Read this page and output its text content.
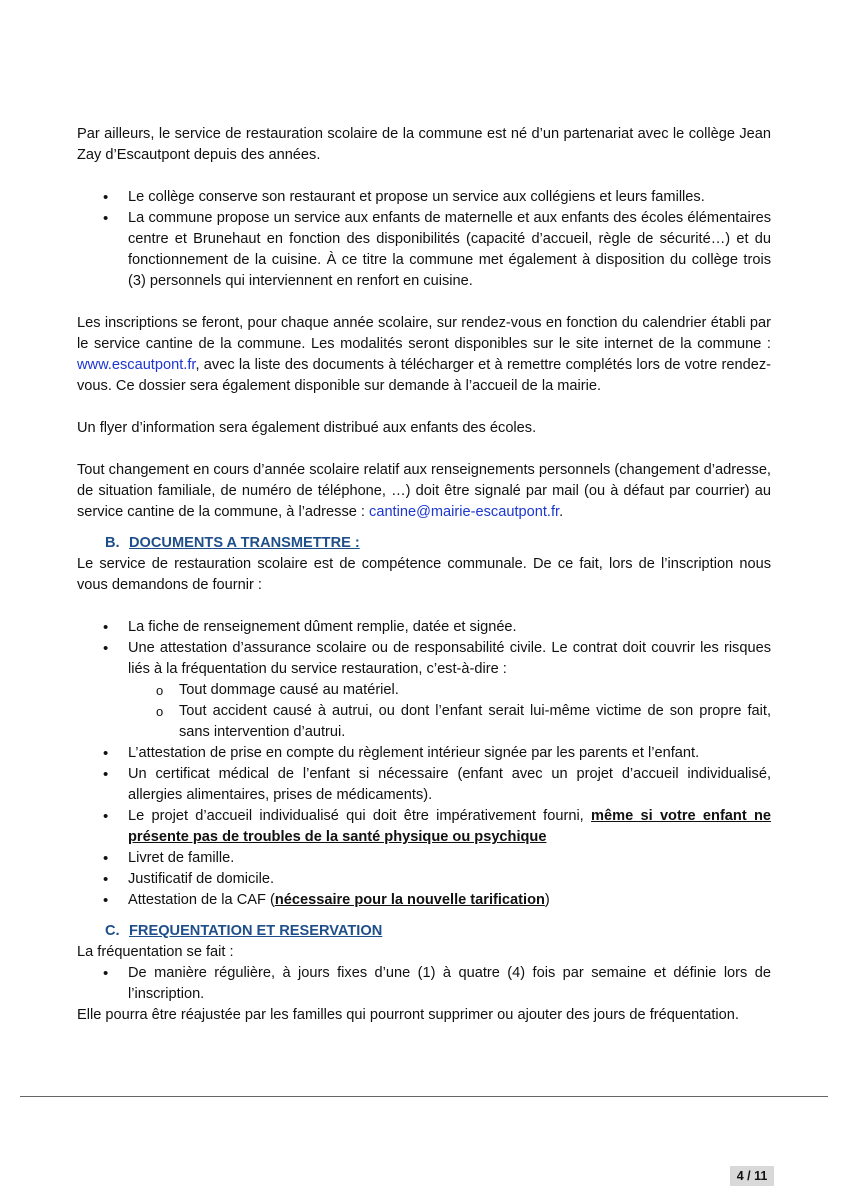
Par ailleurs, le service de restauration scolaire de la commune est né d’un partenariat avec le collège Jean Zay d’Escautpont depuis des années.

• Le collège conserve son restaurant et propose un service aux collégiens et leurs familles.
• La commune propose un service aux enfants de maternelle et aux enfants des écoles élémentaires centre et Brunehaut en fonction des disponibilités (capacité d’accueil, règle de sécurité…) et du fonctionnement de la cuisine. À ce titre la commune met également à disposition du collège trois (3) personnels qui interviennent en renfort en cuisine.

Les inscriptions se feront, pour chaque année scolaire, sur rendez-vous en fonction du calendrier établi par le service cantine de la commune. Les modalités seront disponibles sur le site internet de la commune : www.escautpont.fr, avec la liste des documents à télécharger et à remettre complétés lors de votre rendez-vous. Ce dossier sera également disponible sur demande à l’accueil de la mairie.

Un flyer d’information sera également distribué aux enfants des écoles.

Tout changement en cours d’année scolaire relatif aux renseignements personnels (changement d’adresse, de situation familiale, de numéro de téléphone, …) doit être signalé par mail (ou à défaut par courrier) au service cantine de la commune, à l’adresse : cantine@mairie-escautpont.fr.

B. DOCUMENTS A TRANSMETTRE :

Le service de restauration scolaire est de compétence communale. De ce fait, lors de l’inscription nous vous demandons de fournir :

• La fiche de renseignement dûment remplie, datée et signée.
• Une attestation d’assurance scolaire ou de responsabilité civile. Le contrat doit couvrir les risques liés à la fréquentation du service restauration, c’est-à-dire :
o Tout dommage causé au matériel.
o Tout accident causé à autrui, ou dont l’enfant serait lui-même victime de son propre fait, sans intervention d’autrui.
• L’attestation de prise en compte du règlement intérieur signée par les parents et l’enfant.
• Un certificat médical de l’enfant si nécessaire (enfant avec un projet d’accueil individualisé, allergies alimentaires, prises de médicaments).
• Le projet d’accueil individualisé qui doit être impérativement fourni, même si votre enfant ne présente pas de troubles de la santé physique ou psychique
• Livret de famille.
• Justificatif de domicile.
• Attestation de la CAF (nécessaire pour la nouvelle tarification)

C. FREQUENTATION ET RESERVATION

La fréquentation se fait :

• De manière régulière, à jours fixes d’une (1) à quatre (4) fois par semaine et définie lors de l’inscription.

Elle pourra être réajustée par les familles qui pourront supprimer ou ajouter des jours de fréquentation.

4 / 11
